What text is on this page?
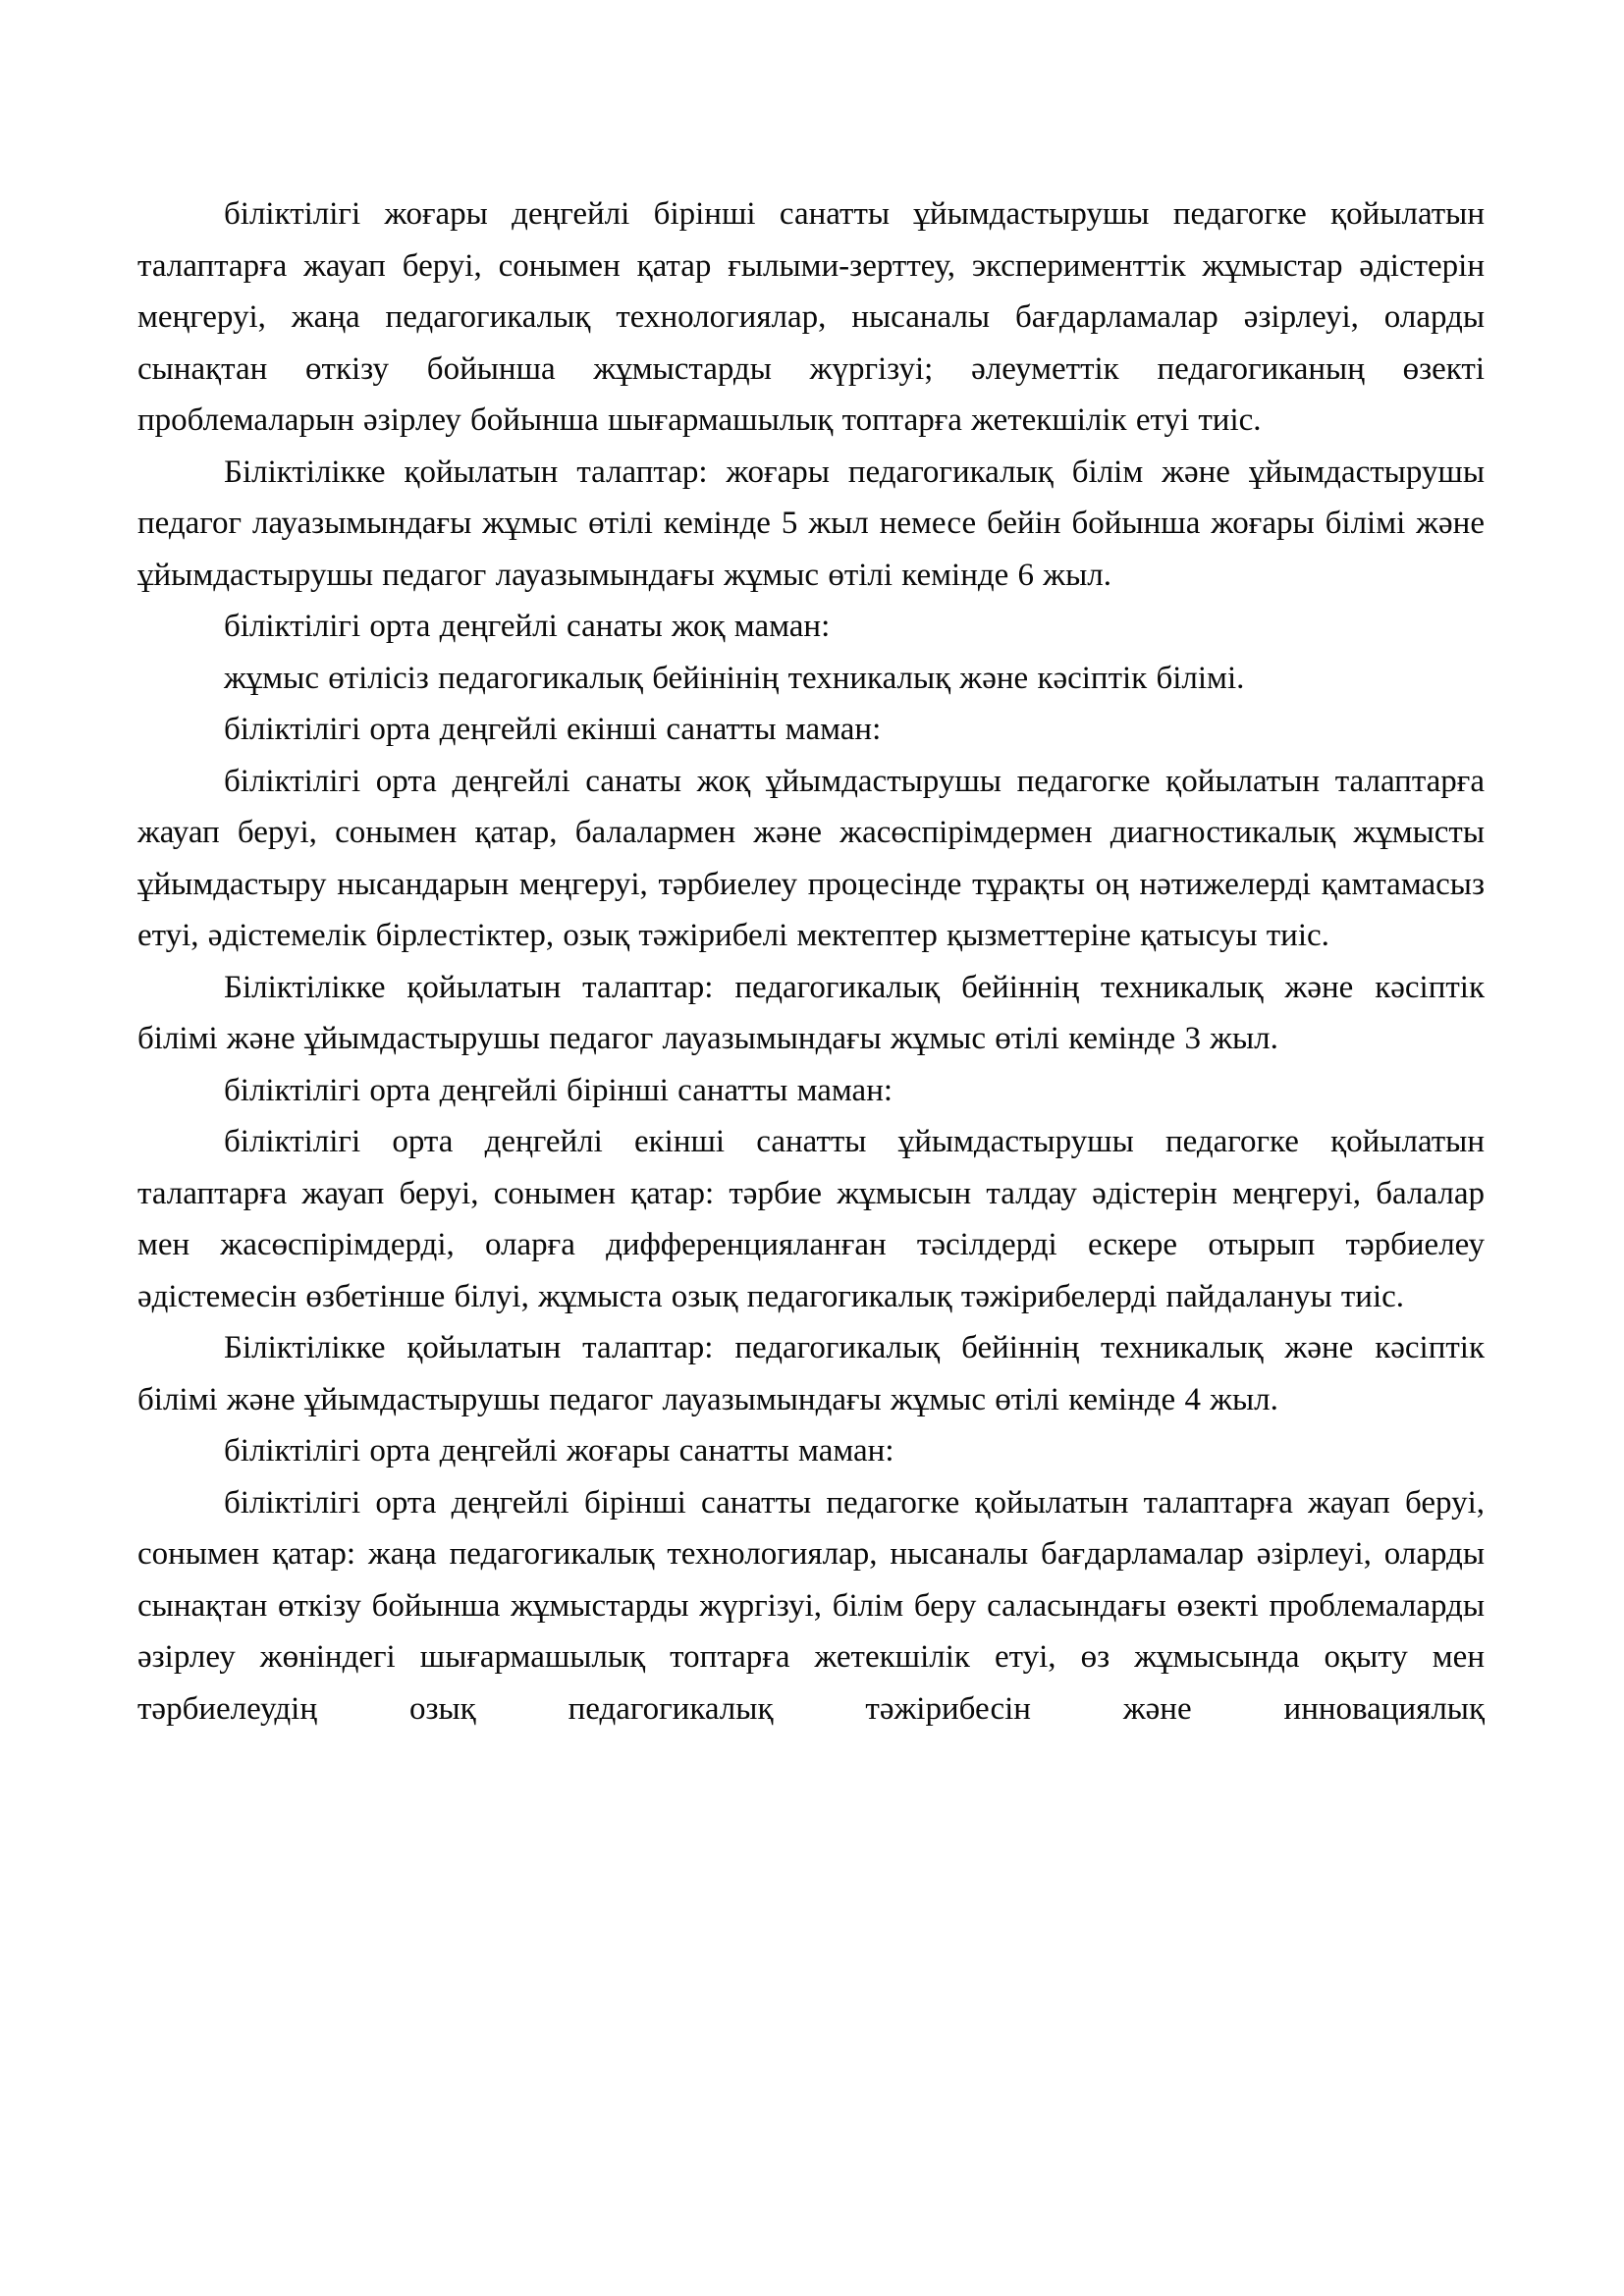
біліктілігі жоғары деңгейлі бірінші санатты ұйымдастырушы педагогке қойылатын талаптарға жауап беруі, сонымен қатар ғылыми-зерттеу, эксперименттік жұмыстар әдістерін меңгеруі, жаңа педагогикалық технологиялар, нысаналы бағдарламалар әзірлеуі, оларды сынақтан өткізу бойынша жұмыстарды жүргізуі; әлеуметтік педагогиканың өзекті проблемаларын әзірлеу бойынша шығармашылық топтарға жетекшілік етуі тиіс.

Біліктілікке қойылатын талаптар: жоғары педагогикалық білім және ұйымдастырушы педагог лауазымындағы жұмыс өтілі кемінде 5 жыл немесе бейін бойынша жоғары білімі және ұйымдастырушы педагог лауазымындағы жұмыс өтілі кемінде 6 жыл.

біліктілігі орта деңгейлі санаты жоқ маман:

жұмыс өтілісіз педагогикалық бейінінің техникалық және кәсіптік білімі.

біліктілігі орта деңгейлі екінші санатты маман:

біліктілігі орта деңгейлі санаты жоқ ұйымдастырушы педагогке қойылатын талаптарға жауап беруі, сонымен қатар, балалармен және жасөспірімдермен диагностикалық жұмысты ұйымдастыру нысандарын меңгеруі, тәрбиелеу процесінде тұрақты оң нәтижелерді қамтамасыз етуі, әдістемелік бірлестіктер, озық тәжірибелі мектептер қызметтеріне қатысуы тиіс.

Біліктілікке қойылатын талаптар: педагогикалық бейіннің техникалық және кәсіптік білімі және ұйымдастырушы педагог лауазымындағы жұмыс өтілі кемінде 3 жыл.

біліктілігі орта деңгейлі бірінші санатты маман:

біліктілігі орта деңгейлі екінші санатты ұйымдастырушы педагогке қойылатын талаптарға жауап беруі, сонымен қатар: тәрбие жұмысын талдау әдістерін меңгеруі, балалар мен жасөспірімдерді, оларға дифференцияланған тәсілдерді ескере отырып тәрбиелеу әдістемесін өзбетінше білуі, жұмыста озық педагогикалық тәжірибелерді пайдалануы тиіс.

Біліктілікке қойылатын талаптар: педагогикалық бейіннің техникалық және кәсіптік білімі және ұйымдастырушы педагог лауазымындағы жұмыс өтілі кемінде 4 жыл.

біліктілігі орта деңгейлі жоғары санатты маман:

біліктілігі орта деңгейлі бірінші санатты педагогке қойылатын талаптарға жауап беруі, сонымен қатар: жаңа педагогикалық технологиялар, нысаналы бағдарламалар әзірлеуі, оларды сынақтан өткізу бойынша жұмыстарды жүргізуі, білім беру саласындағы өзекті проблемаларды әзірлеу жөніндегі шығармашылық топтарға жетекшілік етуі, өз жұмысында оқыту мен тәрбиелеудің озық педагогикалық тәжірибесін және инновациялық
